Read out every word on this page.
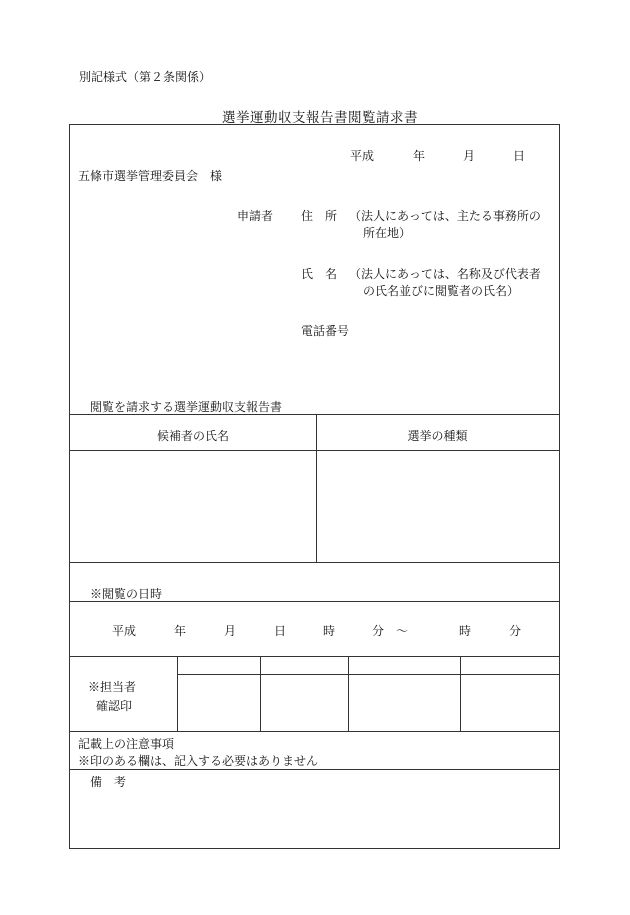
別記様式（第２条関係）
選挙運動収支報告書閲覧請求書
平成	年	月	日
五條市選挙管理委員会　様
申請者 住　所 （法人にあっては、主たる事務所の
所在地）
氏　名 （法人にあっては、名称及び代表者
の氏名並びに閲覧者の氏名）
電話番号
閲覧を請求する選挙運動収支報告書
候補者の氏名	選挙の種類
※閲覧の日時
平成	年	月	日	時	分 ～	時	分
※担当者
確認印
記載上の注意事項
※印のある欄は、記入する必要はありません
備　考
